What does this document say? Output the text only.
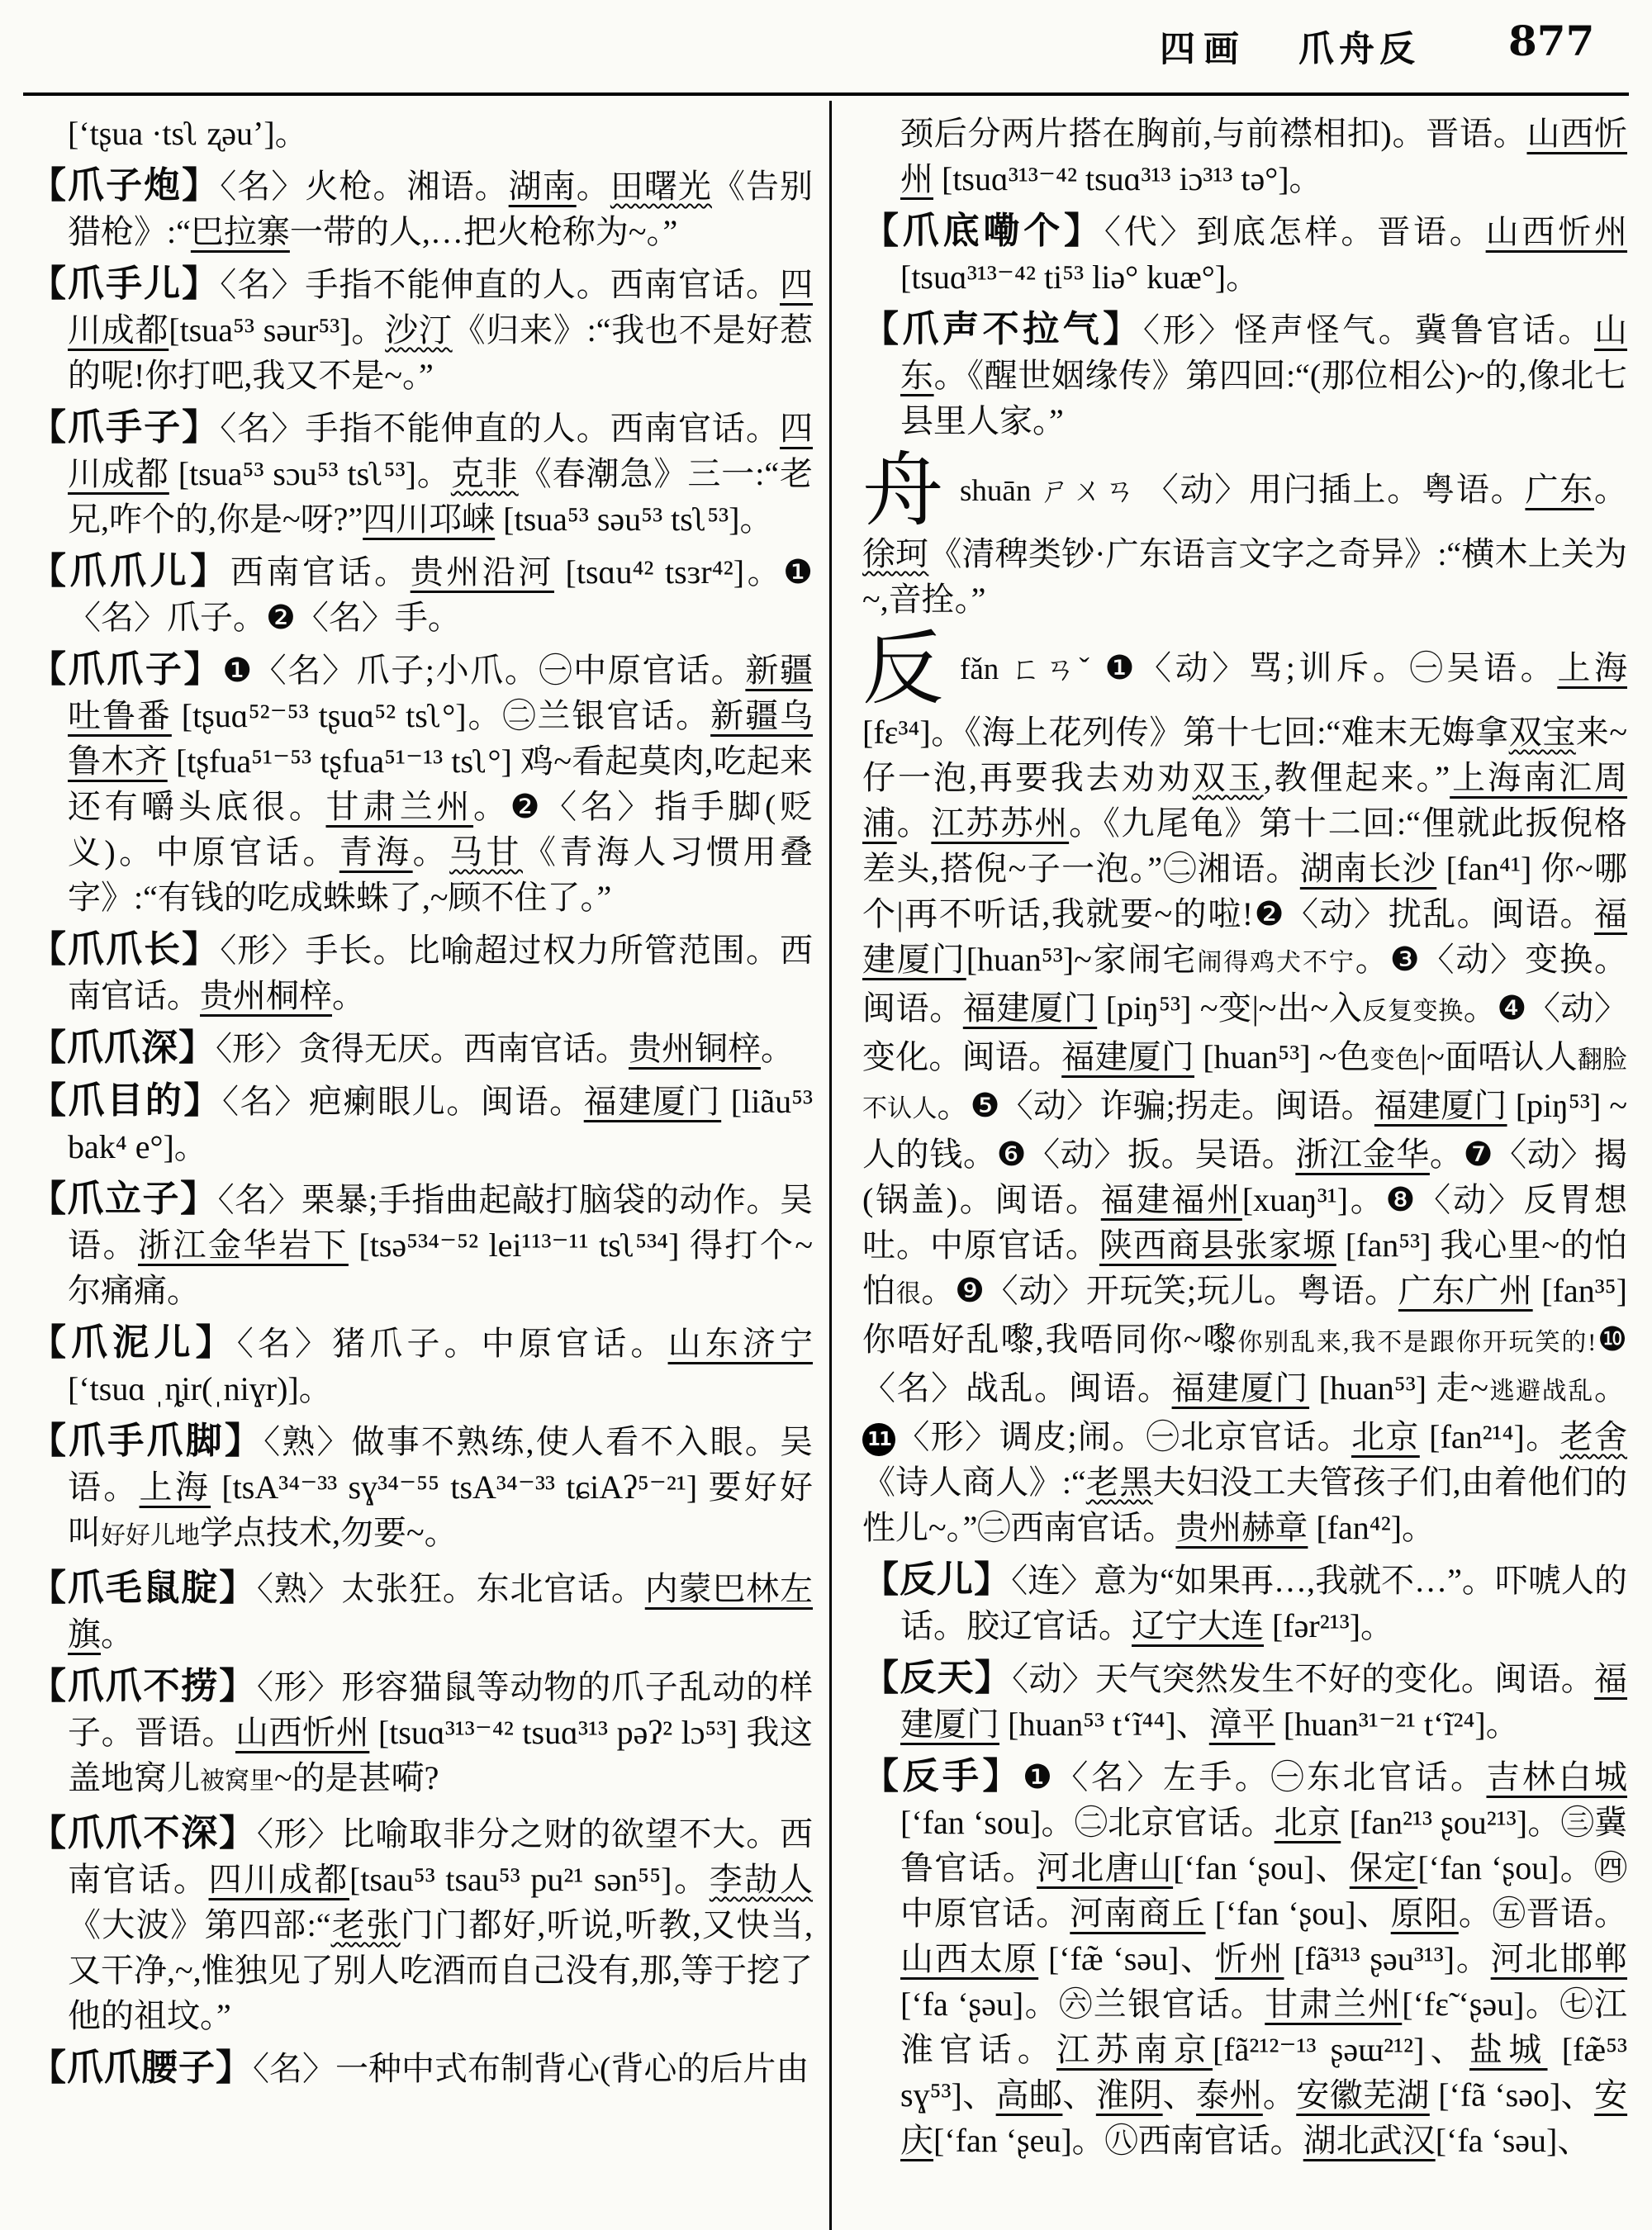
四画 爪舟反 877

[ʻtʂua ·tsʅ ʐəuʼ]。

【爪子炮】〈名〉火枪。湘语。湖南。田曙光《告别猎枪》:“巴拉寨一带的人,…把火枪称为~。”

【爪手儿】〈名〉手指不能伸直的人。西南官话。四川成都[tsua⁵³ səur⁵³]。沙汀《归来》:“我也不是好惹的呢!你打吧,我又不是~。”

【爪手子】〈名〉手指不能伸直的人。西南官话。四川成都 [tsua⁵³ sɔu⁵³ tsʅ⁵³]。克非《春潮急》三一:“老兄,咋个的,你是~呀?”四川邛崃 [tsua⁵³ səu⁵³ tsʅ⁵³]。

【爪爪儿】西南官话。贵州沿河 [tsɑu⁴² tsɜr⁴²]。❶〈名〉爪子。❷〈名〉手。

【爪爪子】❶〈名〉爪子;小爪。㊀中原官话。新疆吐鲁番 [tʂuɑ⁵²⁻⁵³ tʂuɑ⁵² tsʅ°]。㊁兰银官话。新疆乌鲁木齐 [tʂfua⁵¹⁻⁵³ tʂfua⁵¹⁻¹³ tsʅ°] 鸡~看起莫肉,吃起来还有嚼头底很。甘肃兰州。❷〈名〉指手脚(贬义)。中原官话。青海。马甘《青海人习惯用叠字》:“有钱的吃成蛛蛛了,~顾不住了。”

【爪爪长】〈形〉手长。比喻超过权力所管范围。西南官话。贵州桐梓。

【爪爪深】〈形〉贪得无厌。西南官话。贵州铜梓。

【爪目的】〈名〉疤瘌眼儿。闽语。福建厦门 [liãu⁵³ bak⁴ e°]。

【爪立子】〈名〉栗暴;手指曲起敲打脑袋的动作。吴语。浙江金华岩下 [tsə⁵³⁴⁻⁵² lei¹¹³⁻¹¹ tsʅ⁵³⁴] 得打个~尔痛痛。

【爪泥儿】〈名〉猪爪子。中原官话。山东济宁 [ʻtsuɑ ˌȵir(ˌniɣr)]。

【爪手爪脚】〈熟〉做事不熟练,使人看不入眼。吴语。上海 [tsA³⁴⁻³³ sɣ³⁴⁻⁵⁵ tsA³⁴⁻³³ tɕiAʔ⁵⁻²¹] 要好好叫好好儿地学点技术,勿要~。

【爪毛鼠腚】〈熟〉太张狂。东北官话。内蒙巴林左旗。

【爪爪不捞】〈形〉形容猫鼠等动物的爪子乱动的样子。晋语。山西忻州 [tsuɑ³¹³⁻⁴² tsuɑ³¹³ pəʔ² lɔ⁵³] 我这盖地窝儿被窝里~的是甚嗬?

【爪爪不深】〈形〉比喻取非分之财的欲望不大。西南官话。四川成都[tsau⁵³ tsau⁵³ pu²¹ sən⁵⁵]。李劼人《大波》第四部:“老张门门都好,听说,听教,又快当,又干净,~,惟独见了别人吃酒而自己没有,那,等于挖了他的祖坟。”

【爪爪腰子】〈名〉一种中式布制背心(背心的后片由

颈后分两片搭在胸前,与前襟相扣)。晋语。山西忻州 [tsuɑ³¹³⁻⁴² tsuɑ³¹³ iɔ³¹³ tə°]。

【爪底嘞个】〈代〉到底怎样。晋语。山西忻州 [tsuɑ³¹³⁻⁴² ti⁵³ liə° kuæ°]。

【爪声不拉气】〈形〉怪声怪气。冀鲁官话。山东。《醒世姻缘传》第四回:“(那位相公)~的,像北七县里人家。”

舟shuān ㄕㄨㄢ 〈动〉用闩插上。粤语。广东。徐珂《清稗类钞·广东语言文字之奇异》:“横木上关为~,音拴。”

反fǎn ㄈㄢˇ ❶〈动〉骂;训斥。㊀吴语。上海 [fɛ³⁴]。《海上花列传》第十七回:“难末无娒拿双宝来~仔一泡,再要我去劝劝双玉,教俚起来。”上海南汇周浦。江苏苏州。《九尾龟》第十二回:“俚就此扳倪格差头,搭倪~子一泡。”㊁湘语。湖南长沙 [fan⁴¹] 你~哪个|再不听话,我就要~的啦!❷〈动〉扰乱。闽语。福建厦门[huan⁵³]~家闹宅闹得鸡犬不宁。❸〈动〉变换。闽语。福建厦门 [piŋ⁵³] ~变|~出~入反复变换。❹〈动〉变化。闽语。福建厦门 [huan⁵³] ~色变色|~面唔认人翻脸不认人。❺〈动〉诈骗;拐走。闽语。福建厦门 [piŋ⁵³] ~人的钱。❻〈动〉扳。吴语。浙江金华。❼〈动〉揭(锅盖)。闽语。福建福州[xuaŋ³¹]。❽〈动〉反胃想吐。中原官话。陕西商县张家塬 [fan⁵³] 我心里~的怕怕很。❾〈动〉开玩笑;玩儿。粤语。广东广州 [fan³⁵] 你唔好乱嚟,我唔同你~嚟你别乱来,我不是跟你开玩笑的!❿〈名〉战乱。闽语。福建厦门 [huan⁵³] 走~逃避战乱。11 〈形〉调皮;闹。㊀北京官话。北京 [fan²¹⁴]。老舍《诗人商人》:“老黑夫妇没工夫管孩子们,由着他们的性儿~。”㊁西南官话。贵州赫章 [fan⁴²]。

【反儿】〈连〉意为“如果再…,我就不…”。吓唬人的话。胶辽官话。辽宁大连 [fər²¹³]。

【反天】〈动〉天气突然发生不好的变化。闽语。福建厦门 [huan⁵³ tʻĩ⁴⁴]、漳平 [huan³¹⁻²¹ tʻĩ²⁴]。

【反手】❶〈名〉左手。㊀东北官话。吉林白城 [ʻfan ʻsou]。㊁北京官话。北京 [fan²¹³ ʂou²¹³]。㊂冀鲁官话。河北唐山[ʻfan ʻʂou]、保定[ʻfan ʻʂou]。㊃中原官话。河南商丘 [ʻfan ʻʂou]、原阳。㊄晋语。山西太原 [ʻfæ̃ ʻsəu]、忻州 [fã³¹³ ʂəu³¹³]。河北邯郸 [ʻfa ʻʂəu]。㊅兰银官话。甘肃兰州[ʻfɛ̃ ʻʂəu]。㊆江淮官话。江苏南京[fã²¹²⁻¹³ ʂəɯ²¹²]、盐城 [fæ̃⁵³ sɣ⁵³]、高邮、淮阴、泰州。安徽芜湖 [ʻfã ʻsəo]、安庆[ʻfan ʻʂeu]。㊇西南官话。湖北武汉[ʻfa ʻsəu]、
